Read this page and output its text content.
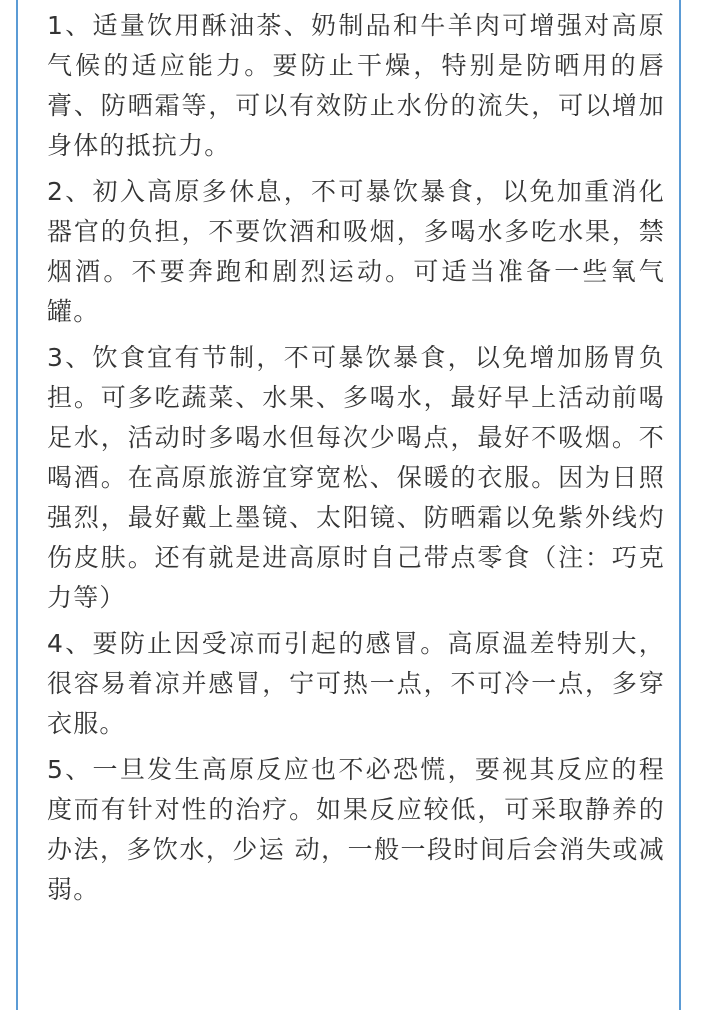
1、适量饮用酥油茶、奶制品和牛羊肉可增强对高原气候的适应能力。要防止干燥，特别是防晒用的唇膏、防晒霜等，可以有效防止水份的流失，可以增加身体的抵抗力。

2、初入高原多休息，不可暴饮暴食，以免加重消化器官的负担，不要饮酒和吸烟，多喝水多吃水果，禁烟酒。不要奔跑和剧烈运动。可适当准备一些氧气罐。

3、饮食宜有节制，不可暴饮暴食，以免增加肠胃负担。可多吃蔬菜、水果、多喝水，最好早上活动前喝足水，活动时多喝水但每次少喝点，最好不吸烟。不喝酒。在高原旅游宜穿宽松、保暖的衣服。因为日照强烈，最好戴上墨镜、太阳镜、防晒霜以免紫外线灼伤皮肤。还有就是进高原时自己带点零食（注：巧克力等）

4、要防止因受凉而引起的感冒。高原温差特别大，很容易着凉并感冒，宁可热一点，不可冷一点，多穿衣服。

5、一旦发生高原反应也不必恐慌，要视其反应的程度而有针对性的治疗。如果反应较低，可采取静养的办法，多饮水，少运 动，一般一段时间后会消失或减弱。
